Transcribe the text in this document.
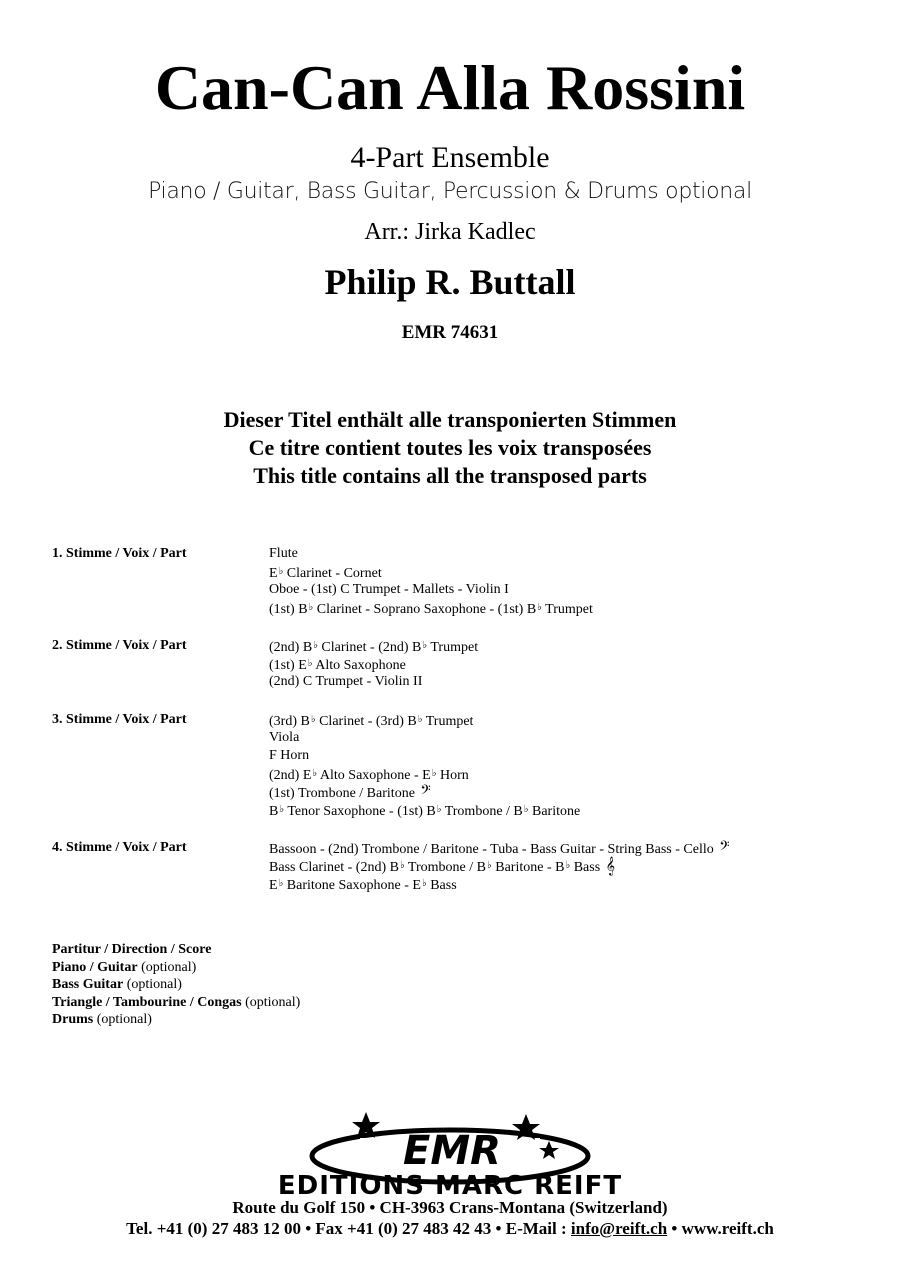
Can-Can Alla Rossini
4-Part Ensemble
Piano / Guitar, Bass Guitar, Percussion & Drums optional
Arr.: Jirka Kadlec
Philip R. Buttall
EMR 74631
Dieser Titel enthält alle transponierten Stimmen
Ce titre contient toutes les voix transposées
This title contains all the transposed parts
1. Stimme / Voix / Part	Flute
E♭ Clarinet - Cornet
Oboe - (1st) C Trumpet - Mallets - Violin I
(1st) B♭ Clarinet - Soprano Saxophone - (1st) B♭ Trumpet
2. Stimme / Voix / Part	(2nd) B♭ Clarinet - (2nd) B♭ Trumpet
(1st) E♭ Alto Saxophone
(2nd) C Trumpet - Violin II
3. Stimme / Voix / Part	(3rd) B♭ Clarinet - (3rd) B♭ Trumpet
Viola
F Horn
(2nd) E♭ Alto Saxophone - E♭ Horn
(1st) Trombone / Baritone 𝄢
B♭ Tenor Saxophone - (1st) B♭ Trombone / B♭ Baritone
4. Stimme / Voix / Part	Bassoon - (2nd) Trombone / Baritone - Tuba - Bass Guitar - String Bass - Cello 𝄢
Bass Clarinet - (2nd) B♭ Trombone / B♭ Baritone - B♭ Bass 𝄞
E♭ Baritone Saxophone - E♭ Bass
Partitur / Direction / Score
Piano / Guitar (optional)
Bass Guitar (optional)
Triangle / Tambourine / Congas (optional)
Drums (optional)
EMR
EDITIONS MARC REIFT
Route du Golf 150 • CH-3963 Crans-Montana (Switzerland)
Tel. +41 (0) 27 483 12 00 • Fax +41 (0) 27 483 42 43 • E-Mail : info@reift.ch • www.reift.ch
